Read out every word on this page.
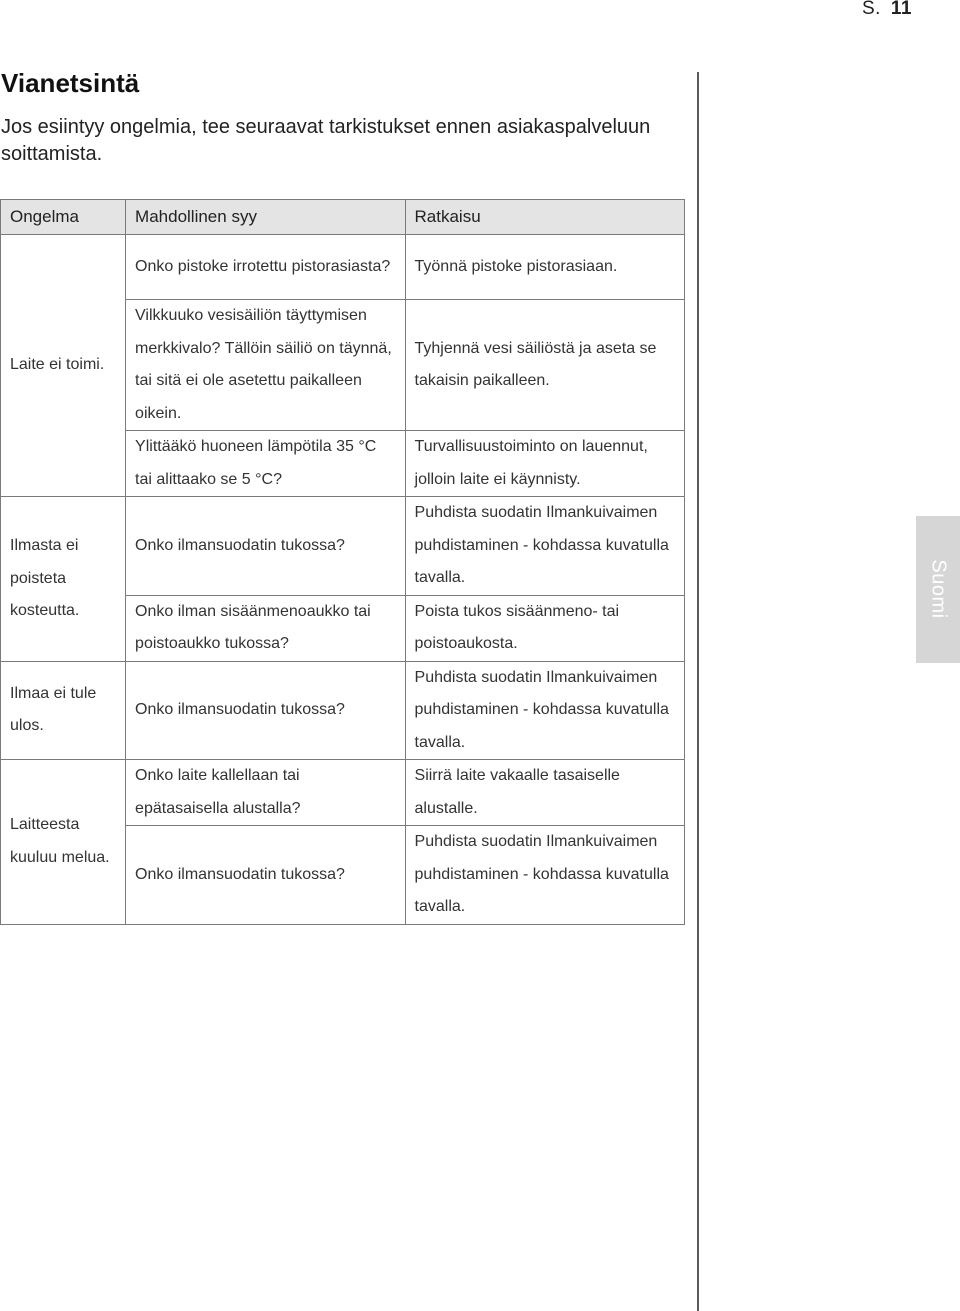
S. 11
Vianetsintä

Jos esiintyy ongelmia, tee seuraavat tarkistukset ennen asiakaspalveluun soittamista.

Suomi
Ongelma	Mahdollinen syy	Ratkaisu
Laite ei toimi.	Onko pistoke irrotettu pistorasiasta?	Työnnä pistoke pistorasiaan.
	Vilkkuuko vesisäiliön täyttymisen merkkivalo? Tällöin säiliö on täynnä, tai sitä ei ole asetettu paikalleen oikein.	Tyhjennä vesi säiliöstä ja aseta se takaisin paikalleen.
	Ylittääkö huoneen lämpötila 35 °C tai alittaako se 5 °C?	Turvallisuustoiminto on lauennut, jolloin laite ei käynnisty.
Ilmasta ei poisteta kosteutta.	Onko ilmansuodatin tukossa?	Puhdista suodatin Ilmankuivaimen puhdistaminen - kohdassa kuvatulla tavalla.
	Onko ilman sisäänmenoaukko tai poistoaukko tukossa?	Poista tukos sisäänmeno- tai poistoaukosta.
Ilmaa ei tule ulos.	Onko ilmansuodatin tukossa?	Puhdista suodatin Ilmankuivaimen puhdistaminen - kohdassa kuvatulla tavalla.
Laitteesta kuuluu melua.	Onko laite kallellaan tai epätasaisella alustalla?	Siirrä laite vakaalle tasaiselle alustalle.
	Onko ilmansuodatin tukossa?	Puhdista suodatin Ilmankuivaimen puhdistaminen - kohdassa kuvatulla tavalla.
